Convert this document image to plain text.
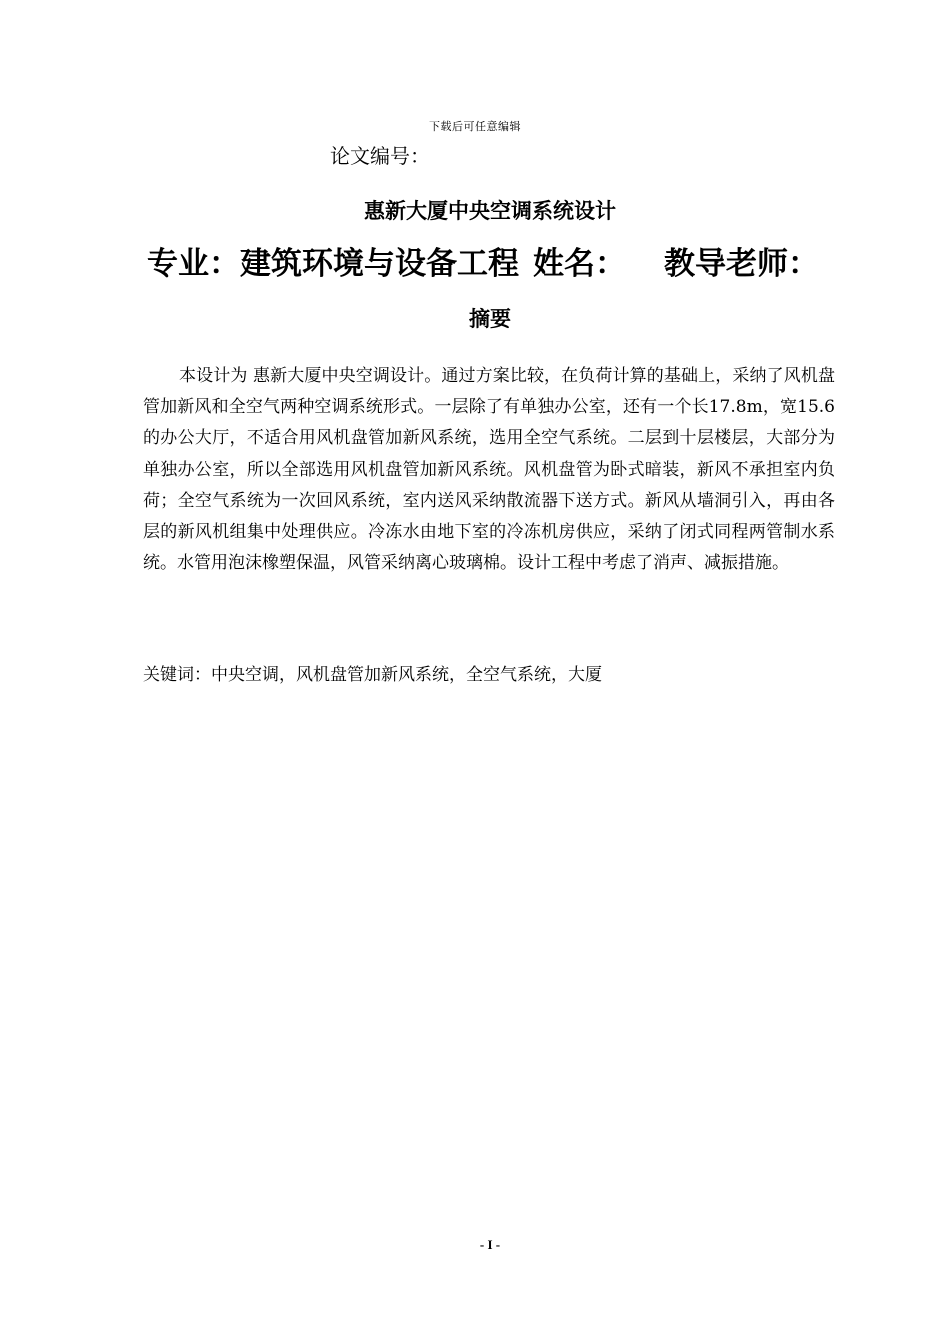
下载后可任意编辑
论文编号：
惠新大厦中央空调系统设计
专业：建筑环境与设备工程 姓名： 教导老师：
摘要

本设计为 惠新大厦中央空调设计。通过方案比较，在负荷计算的基础上，采纳了风机盘管加新风和全空气两种空调系统形式。一层除了有单独办公室，还有一个长17.8m，宽15.6的办公大厅，不适合用风机盘管加新风系统，选用全空气系统。二层到十层楼层，大部分为单独办公室，所以全部选用风机盘管加新风系统。风机盘管为卧式暗装，新风不承担室内负荷；全空气系统为一次回风系统，室内送风采纳散流器下送方式。新风从墙洞引入，再由各层的新风机组集中处理供应。冷冻水由地下室的冷冻机房供应，采纳了闭式同程两管制水系统。水管用泡沫橡塑保温，风管采纳离心玻璃棉。设计工程中考虑了消声、减振措施。

关键词：中央空调，风机盘管加新风系统，全空气系统，大厦
- I -
